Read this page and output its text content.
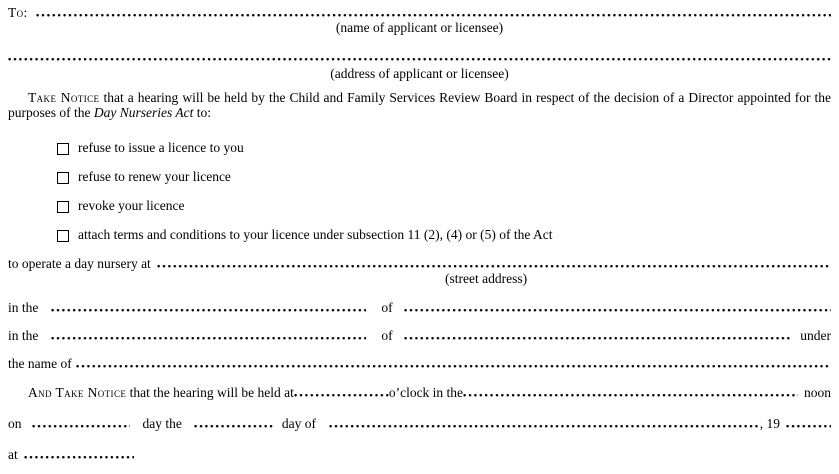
To:
(name of applicant or licensee)
(address of applicant or licensee)

Take Notice that a hearing will be held by the Child and Family Services Review Board in respect of the decision of a Director appointed for the purposes of the Day Nurseries Act to:

refuse to issue a licence to you
refuse to renew your licence
revoke your licence
attach terms and conditions to your licence under subsection 11 (2), (4) or (5) of the Act
to operate a day nursery at
(street address)
in the	of
in the	of	under
the name of
And Take Notice that the hearing will be held at	o’clock in the	noon
on	day the	day of	, 19
at
